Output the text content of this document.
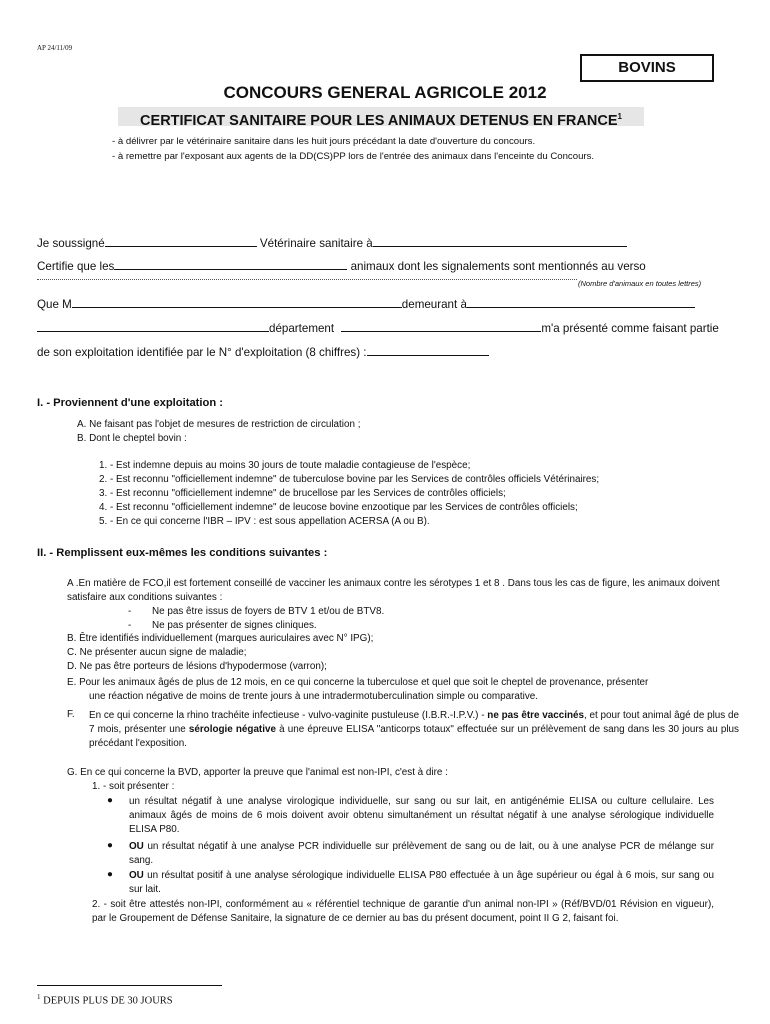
AP 24/11/09
BOVINS
CONCOURS GENERAL AGRICOLE 2012
CERTIFICAT SANITAIRE POUR LES ANIMAUX DETENUS EN FRANCE$^1$
- à délivrer par le vétérinaire sanitaire dans les huit jours précédant la date d'ouverture du concours.
- à remettre par l'exposant aux agents de la DD(CS)PP lors de l'entrée des animaux dans l'enceinte du Concours.
Je soussigné	Vétérinaire sanitaire à
Certifie que les	animaux dont les signalements sont mentionnés au verso
(Nombre d'animaux en toutes lettres)
Que M	demeurant à
département	m'a présenté comme faisant partie
de son exploitation identifiée par le N° d'exploitation (8 chiffres) :
I. - Proviennent d'une exploitation :
A. Ne faisant pas l'objet de mesures de restriction de circulation ;
B. Dont le cheptel bovin :
1. - Est indemne depuis au moins 30 jours de toute maladie contagieuse de l'espèce;
2. - Est reconnu "officiellement indemne" de tuberculose bovine par les Services de contrôles officiels Vétérinaires;
3. - Est reconnu "officiellement indemne" de brucellose par les Services de contrôles officiels;
4. - Est reconnu "officiellement indemne" de leucose bovine enzootique par les Services de contrôles officiels;
5. - En ce qui concerne l'IBR – IPV : est sous appellation ACERSA (A ou B).
II. - Remplissent eux-mêmes les conditions suivantes :
A .En matière de FCO,il est fortement conseillé de vacciner les animaux contre les sérotypes 1 et 8 . Dans tous les cas de figure, les animaux doivent satisfaire aux conditions suivantes :
- Ne pas être issus de foyers de BTV 1 et/ou de BTV8.
- Ne pas présenter de signes cliniques.
B. Être identifiés individuellement (marques auriculaires avec N° IPG);
C. Ne présenter aucun signe de maladie;
D. Ne pas être porteurs de lésions d'hypodermose (varron);
E. Pour les animaux âgés de plus de 12 mois, en ce qui concerne la tuberculose et quel que soit le cheptel de provenance, présenter
une réaction négative de moins de trente jours à une intradermotuberculination simple ou comparative.
F. En ce qui concerne la rhino trachéite infectieuse - vulvo-vaginite pustuleuse (I.B.R.-I.P.V.) - ne pas être vaccinés, et pour tout animal âgé de plus de 7 mois, présenter une sérologie négative à une épreuve ELISA "anticorps totaux" effectuée sur un prélèvement de sang dans les 30 jours au plus précédant l'exposition.
G. En ce qui concerne la BVD, apporter la preuve que l'animal est non-IPI, c'est à dire :
1. - soit présenter :
● un résultat négatif à une analyse virologique individuelle, sur sang ou sur lait, en antigénémie ELISA ou culture cellulaire. Les animaux âgés de moins de 6 mois doivent avoir obtenu simultanément un résultat négatif à une analyse sérologique individuelle ELISA P80.
● OU un résultat négatif à une analyse PCR individuelle sur prélèvement de sang ou de lait, ou à une analyse PCR de mélange sur sang.
● OU un résultat positif à une analyse sérologique individuelle ELISA P80 effectuée à un âge supérieur ou égal à 6 mois, sur sang ou sur lait.
2. - soit être attestés non-IPI, conformément au « référentiel technique de garantie d'un animal non-IPI » (Réf/BVD/01 Révision en vigueur), par le Groupement de Défense Sanitaire, la signature de ce dernier au bas du présent document, point II G 2, faisant foi.
$^1$ DEPUIS PLUS DE 30 JOURS
